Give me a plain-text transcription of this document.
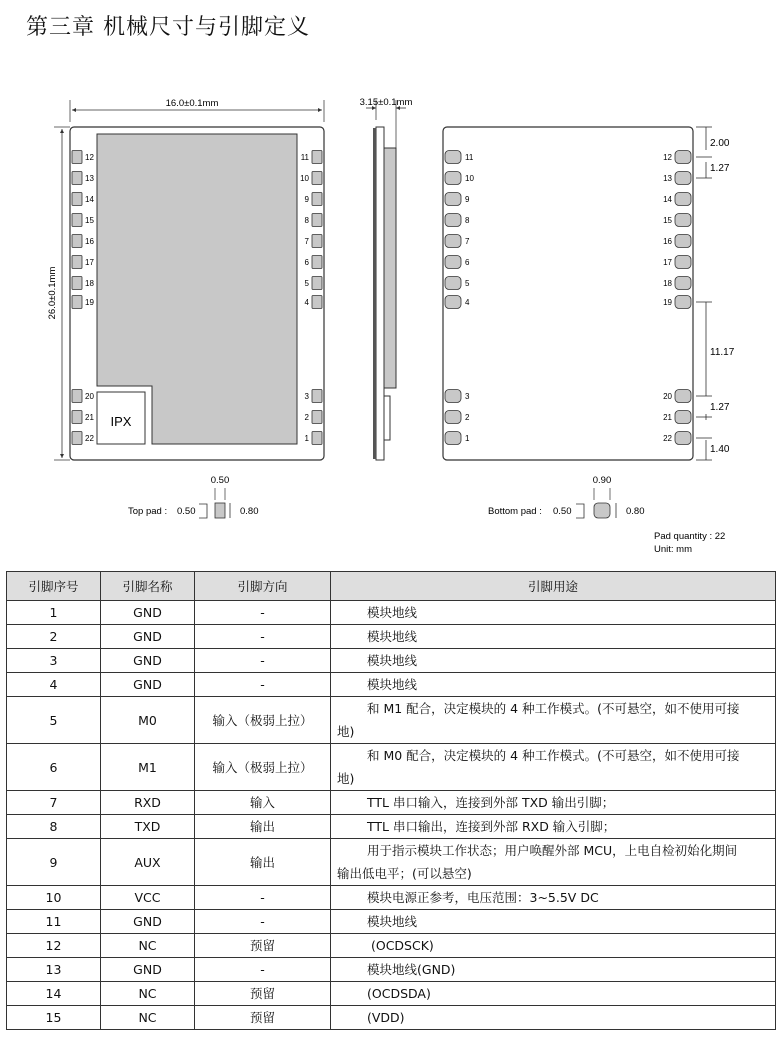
第三章 机械尺寸与引脚定义
16.0±0.1mm
26.0±0.1mm
IPX
12
13
14
15
16
17
18
19
20
21
22
11
10
9
8
7
6
5
4
3
2
1
3.15±0.1mm
11
10
9
8
7
6
5
4
3
2
1
12
13
14
15
16
17
18
19
20
21
22
2.00
1.27
11.17
1.27
1.40
0.50
Top pad : 0.50	0.80
0.90
Bottom pad : 0.50	0.80
Pad quantity : 22
Unit: mm
引脚序号	引脚名称	引脚方向	引脚用途
1	GND	-	模块地线
2	GND	-	模块地线
3	GND	-	模块地线
4	GND	-	模块地线
5	M0	输入（极弱上拉）	和 M1 配合，决定模块的 4 种工作模式。(不可悬空，如不使用可接
地)
6	M1	输入（极弱上拉）	和 M0 配合，决定模块的 4 种工作模式。(不可悬空，如不使用可接
地)
7	RXD	输入	TTL 串口输入，连接到外部 TXD 输出引脚；
8	TXD	输出	TTL 串口输出，连接到外部 RXD 输入引脚；
9	AUX	输出	用于指示模块工作状态；用户唤醒外部 MCU，上电自检初始化期间
输出低电平；(可以悬空)
10	VCC	-	模块电源正参考，电压范围：3~5.5V DC
11	GND	-	模块地线
12	NC	预留	(OCDSCK)
13	GND	-	模块地线(GND)
14	NC	预留	(OCDSDA)
15	NC	预留	(VDD)
